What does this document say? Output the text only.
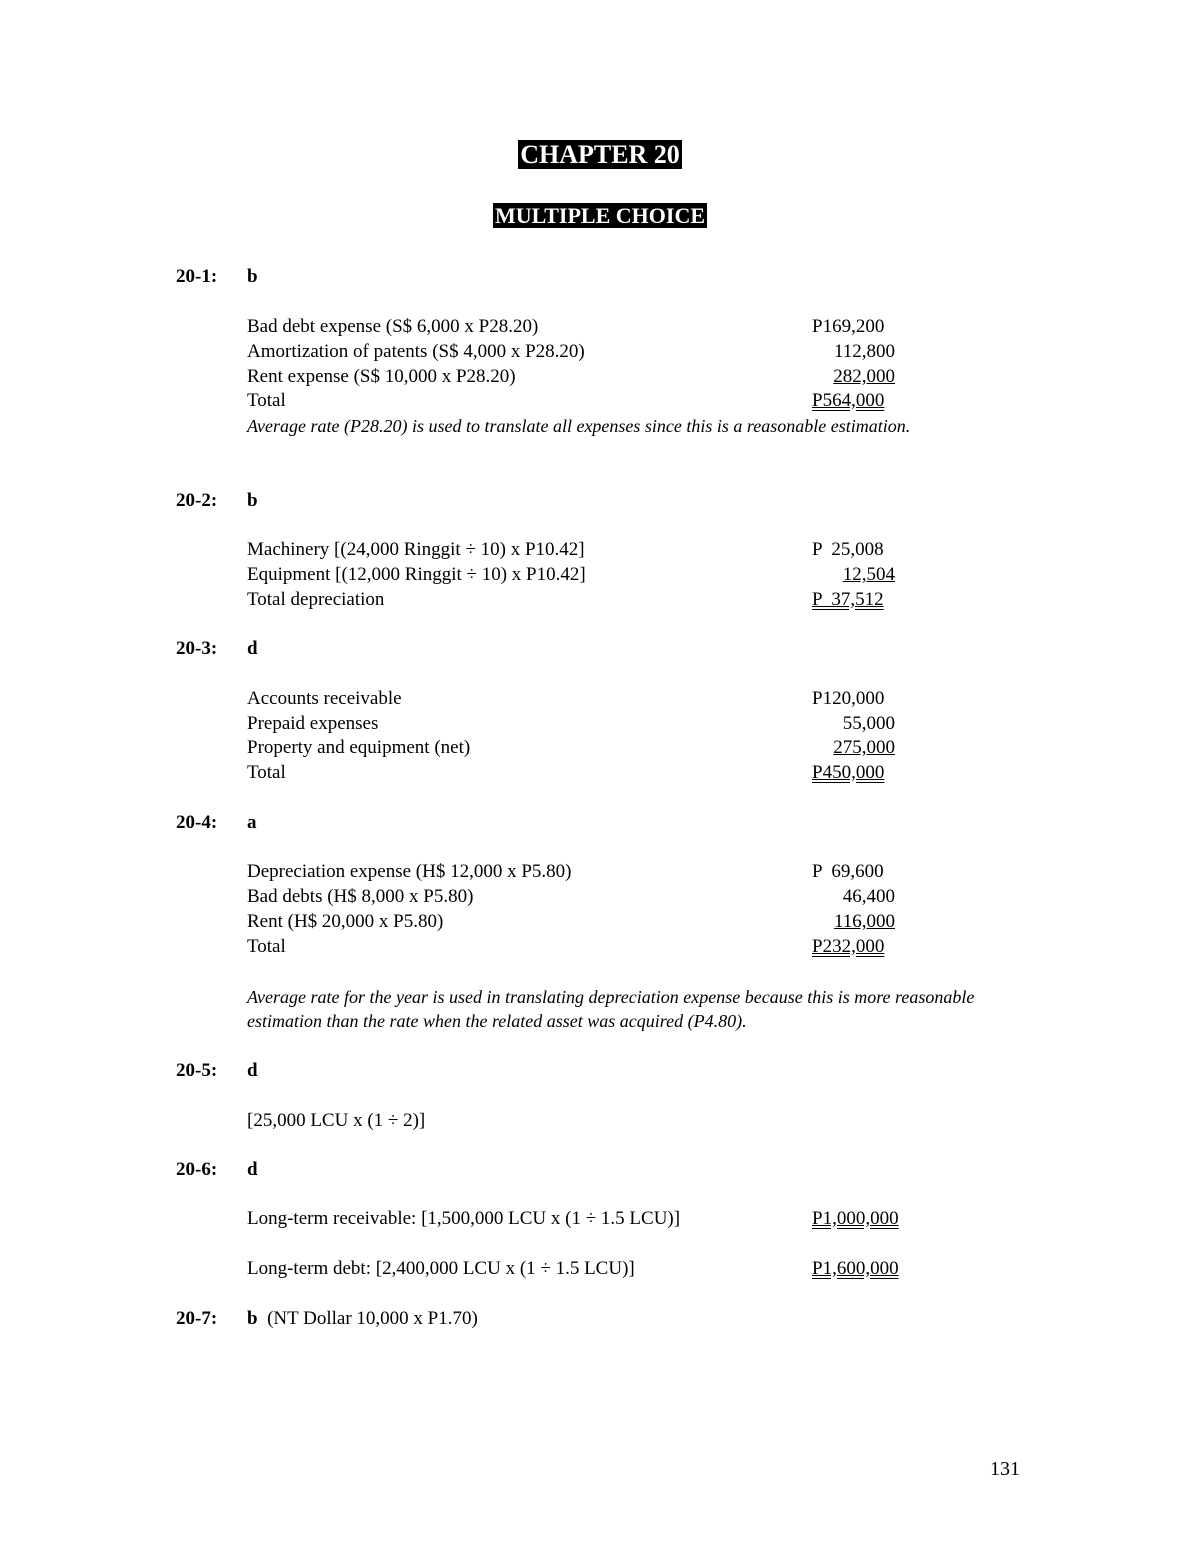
CHAPTER 20
MULTIPLE CHOICE
20-1: b
Bad debt expense (S$ 6,000 x P28.20)	P169,200
Amortization of patents (S$ 4,000 x P28.20)	112,800
Rent expense (S$ 10,000 x P28.20)	282,000
Total	P564,000
Average rate (P28.20) is used to translate all expenses since this is a reasonable estimation.
20-2: b
Machinery [(24,000 Ringgit ÷ 10) x P10.42]	P  25,008
Equipment [(12,000 Ringgit ÷ 10) x P10.42]	12,504
Total depreciation	P  37,512
20-3: d
Accounts receivable	P120,000
Prepaid expenses	55,000
Property and equipment (net)	275,000
Total	P450,000
20-4: a
Depreciation expense (H$ 12,000 x P5.80)	P  69,600
Bad debts (H$ 8,000 x P5.80)	46,400
Rent (H$ 20,000 x P5.80)	116,000
Total	P232,000
Average rate for the year is used in translating depreciation expense because this is more reasonable estimation than the rate when the related asset was acquired (P4.80).
20-5: d
[25,000 LCU x (1 ÷ 2)]
20-6: d
Long-term receivable: [1,500,000 LCU x (1 ÷ 1.5 LCU)]	P1,000,000
Long-term debt: [2,400,000 LCU x (1 ÷ 1.5 LCU)]	P1,600,000
20-7: b (NT Dollar 10,000 x P1.70)
131
